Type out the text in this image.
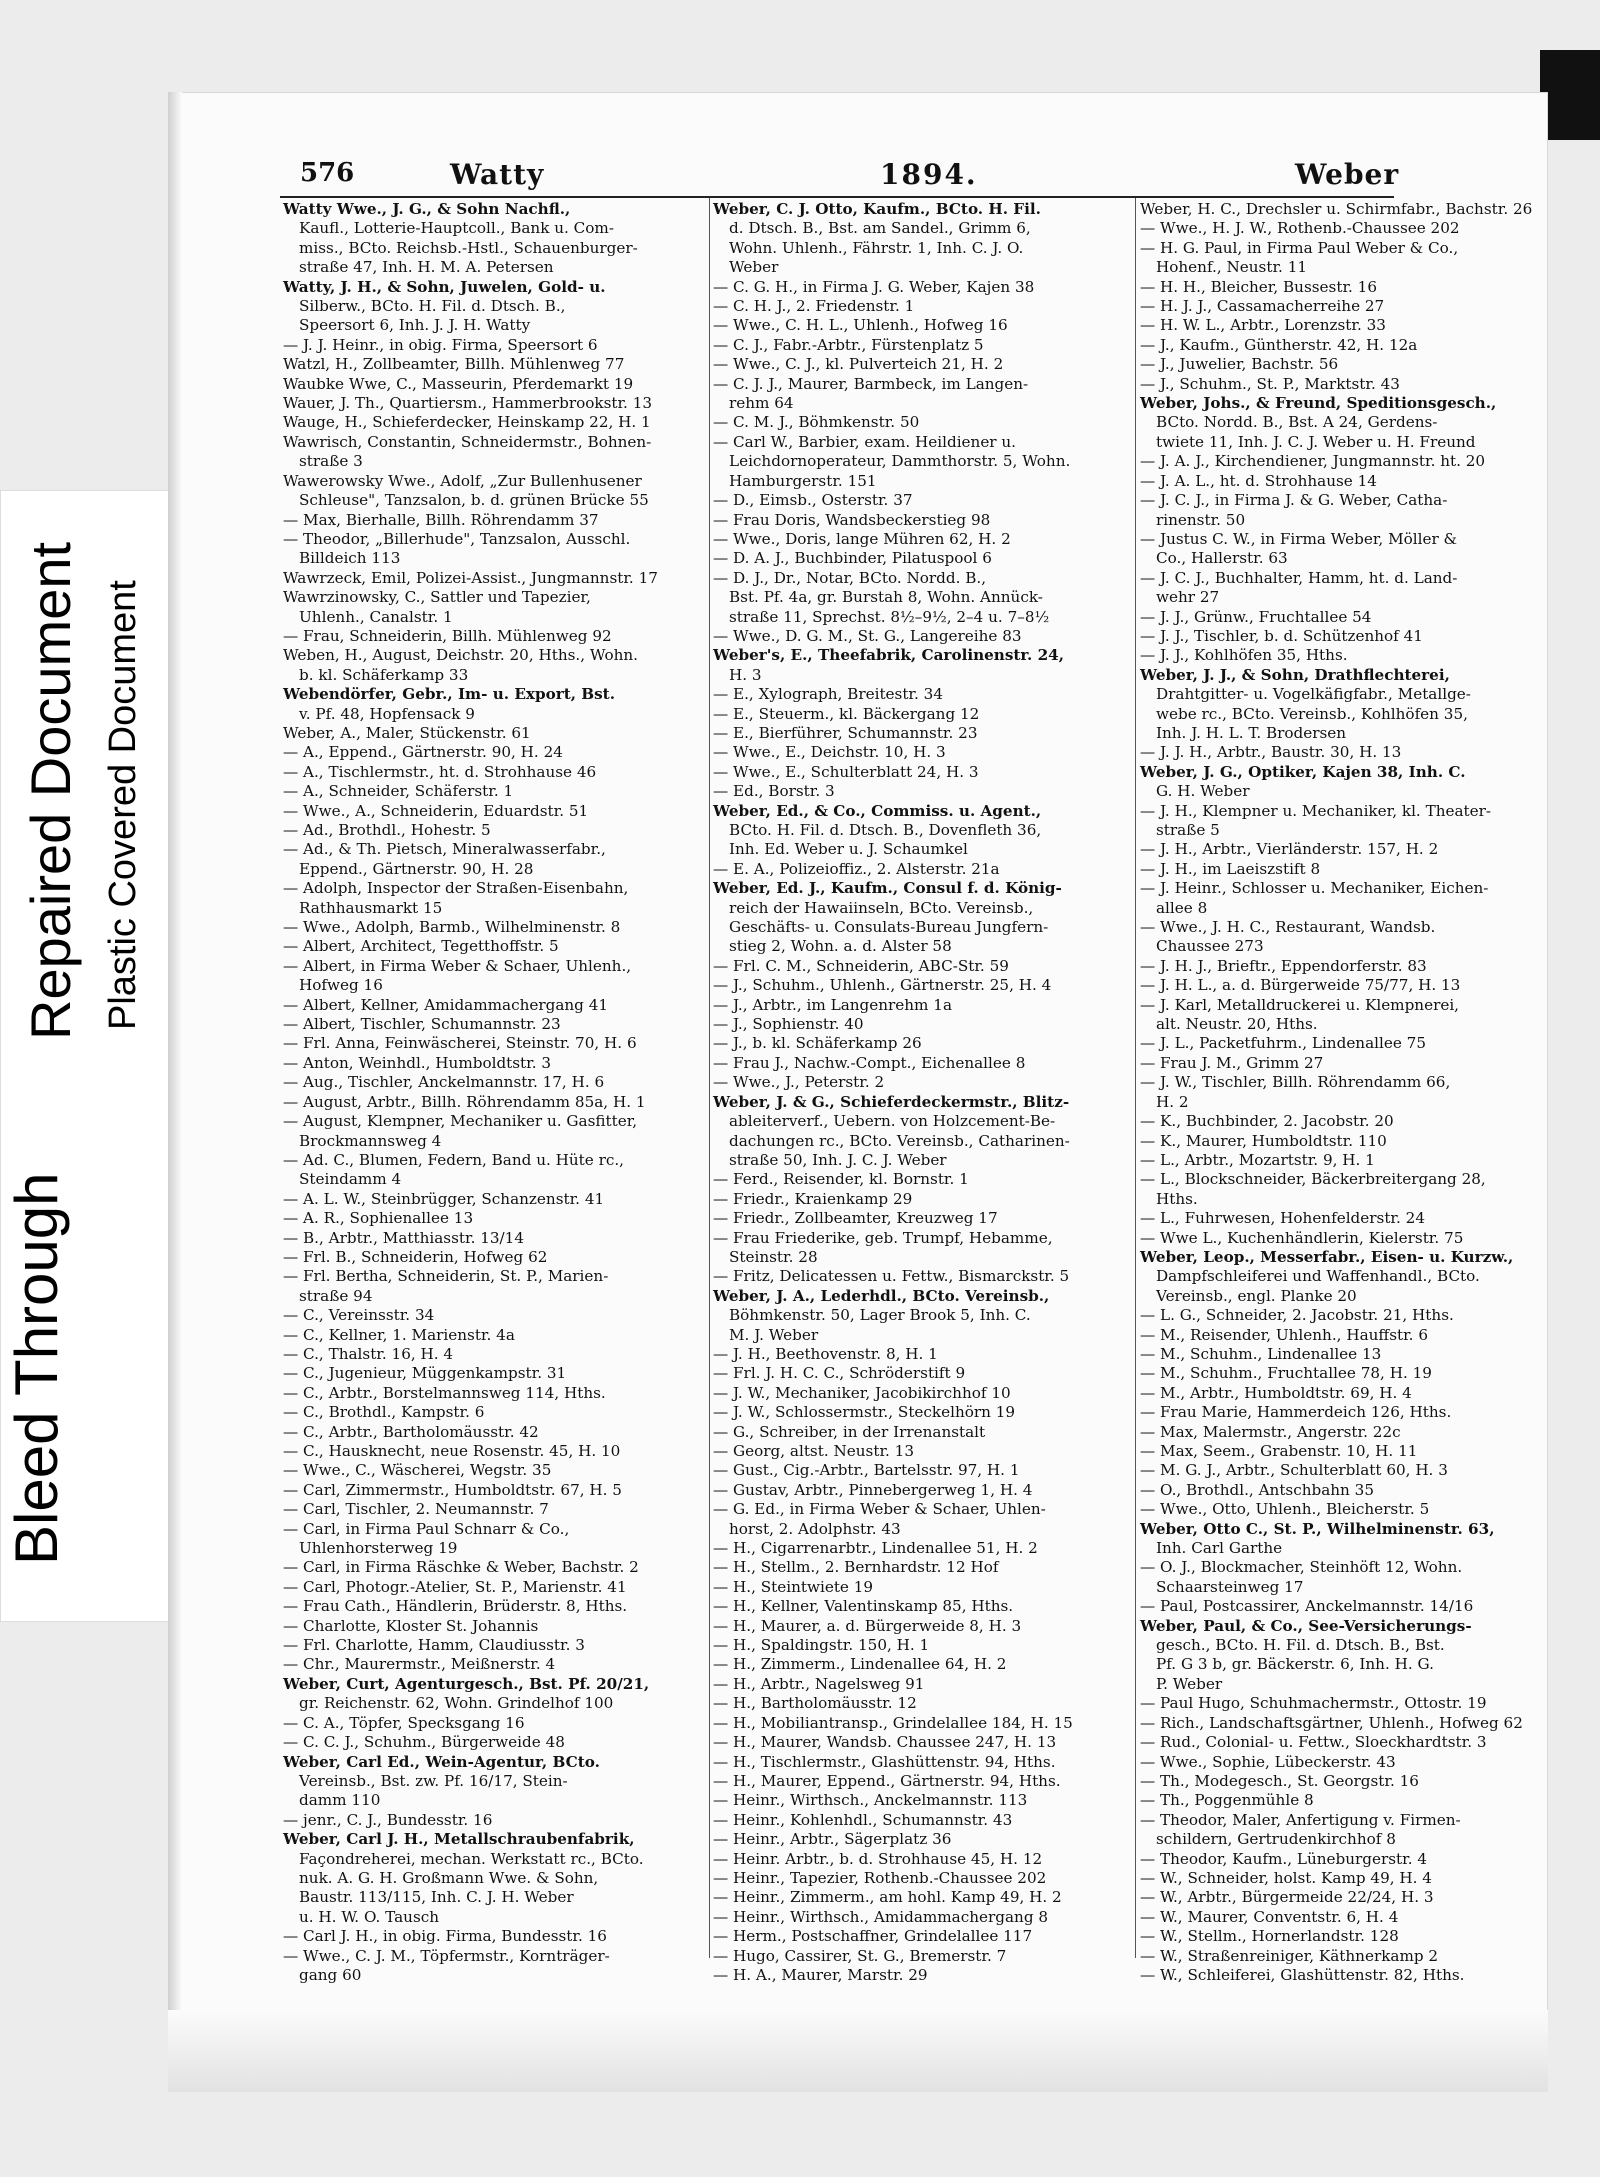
Bleed Through
Repaired Document Plastic Covered Document
576	Watty	1894.	Weber
Watty Wwe., J. G., & Sohn Nachfl.,
Kaufl., Lotterie-Hauptcoll., Bank u. Com-
miss., BCto. Reichsb.-Hstl., Schauenburger-
straße 47, Inh. H. M. A. Petersen
Watty, J. H., & Sohn, Juwelen, Gold- u.
Silberw., BCto. H. Fil. d. Dtsch. B.,
Speersort 6, Inh. J. J. H. Watty
— J. J. Heinr., in obig. Firma, Speersort 6
Watzl, H., Zollbeamter, Billh. Mühlenweg 77
Waubke Wwe, C., Masseurin, Pferdemarkt 19
Wauer, J. Th., Quartiersm., Hammerbrookstr. 13
Wauge, H., Schieferdecker, Heinskamp 22, H. 1
Wawrisch, Constantin, Schneidermstr., Bohnen-
straße 3
Wawerowsky Wwe., Adolf, „Zur Bullenhusener
Schleuse", Tanzsalon, b. d. grünen Brücke 55
— Max, Bierhalle, Billh. Röhrendamm 37
— Theodor, „Billerhude", Tanzsalon, Ausschl.
Billdeich 113
Wawrzeck, Emil, Polizei-Assist., Jungmannstr. 17
Wawrzinowsky, C., Sattler und Tapezier,
Uhlenh., Canalstr. 1
— Frau, Schneiderin, Billh. Mühlenweg 92
Weben, H., August, Deichstr. 20, Hths., Wohn.
b. kl. Schäferkamp 33
Webendörfer, Gebr., Im- u. Export, Bst.
v. Pf. 48, Hopfensack 9
Weber, A., Maler, Stückenstr. 61
— A., Eppend., Gärtnerstr. 90, H. 24
— A., Tischlermstr., ht. d. Strohhause 46
— A., Schneider, Schäferstr. 1
— Wwe., A., Schneiderin, Eduardstr. 51
— Ad., Brothdl., Hohestr. 5
— Ad., & Th. Pietsch, Mineralwasserfabr.,
Eppend., Gärtnerstr. 90, H. 28
— Adolph, Inspector der Straßen-Eisenbahn,
Rathhausmarkt 15
— Wwe., Adolph, Barmb., Wilhelminenstr. 8
— Albert, Architect, Tegetthoffstr. 5
— Albert, in Firma Weber & Schaer, Uhlenh.,
Hofweg 16
— Albert, Kellner, Amidammachergang 41
— Albert, Tischler, Schumannstr. 23
— Frl. Anna, Feinwäscherei, Steinstr. 70, H. 6
— Anton, Weinhdl., Humboldtstr. 3
— Aug., Tischler, Anckelmannstr. 17, H. 6
— August, Arbtr., Billh. Röhrendamm 85a, H. 1
— August, Klempner, Mechaniker u. Gasfitter,
Brockmannsweg 4
— Ad. C., Blumen, Federn, Band u. Hüte rc.,
Steindamm 4
— A. L. W., Steinbrügger, Schanzenstr. 41
— A. R., Sophienallee 13
— B., Arbtr., Matthiasstr. 13/14
— Frl. B., Schneiderin, Hofweg 62
— Frl. Bertha, Schneiderin, St. P., Marien-
straße 94
— C., Vereinsstr. 34
— C., Kellner, 1. Marienstr. 4a
— C., Thalstr. 16, H. 4
— C., Jugenieur, Müggenkampstr. 31
— C., Arbtr., Borstelmannsweg 114, Hths.
— C., Brothdl., Kampstr. 6
— C., Arbtr., Bartholomäusstr. 42
— C., Hausknecht, neue Rosenstr. 45, H. 10
— Wwe., C., Wäscherei, Wegstr. 35
— Carl, Zimmermstr., Humboldtstr. 67, H. 5
— Carl, Tischler, 2. Neumannstr. 7
— Carl, in Firma Paul Schnarr & Co.,
Uhlenhorsterweg 19
— Carl, in Firma Räschke & Weber, Bachstr. 2
— Carl, Photogr.-Atelier, St. P., Marienstr. 41
— Frau Cath., Händlerin, Brüderstr. 8, Hths.
— Charlotte, Kloster St. Johannis
— Frl. Charlotte, Hamm, Claudiusstr. 3
— Chr., Maurermstr., Meißnerstr. 4
Weber, Curt, Agenturgesch., Bst. Pf. 20/21,
gr. Reichenstr. 62, Wohn. Grindelhof 100
— C. A., Töpfer, Specksgang 16
— C. C. J., Schuhm., Bürgerweide 48
Weber, Carl Ed., Wein-Agentur, BCto.
Vereinsb., Bst. zw. Pf. 16/17, Stein-
damm 110
— jenr., C. J., Bundesstr. 16
Weber, Carl J. H., Metallschraubenfabrik,
Façondreherei, mechan. Werkstatt rc., BCto.
nuk. A. G. H. Großmann Wwe. & Sohn,
Baustr. 113/115, Inh. C. J. H. Weber
u. H. W. O. Tausch
— Carl J. H., in obig. Firma, Bundesstr. 16
— Wwe., C. J. M., Töpfermstr., Kornträger-
gang 60
Weber, C. J. Otto, Kaufm., BCto. H. Fil.
d. Dtsch. B., Bst. am Sandel., Grimm 6,
Wohn. Uhlenh., Fährstr. 1, Inh. C. J. O.
Weber
— C. G. H., in Firma J. G. Weber, Kajen 38
— C. H. J., 2. Friedenstr. 1
— Wwe., C. H. L., Uhlenh., Hofweg 16
— C. J., Fabr.-Arbtr., Fürstenplatz 5
— Wwe., C. J., kl. Pulverteich 21, H. 2
— C. J. J., Maurer, Barmbeck, im Langen-
rehm 64
— C. M. J., Böhmkenstr. 50
— Carl W., Barbier, exam. Heildiener u.
Leichdornoperateur, Dammthorstr. 5, Wohn.
Hamburgerstr. 151
— D., Eimsb., Osterstr. 37
— Frau Doris, Wandsbeckerstieg 98
— Wwe., Doris, lange Mühren 62, H. 2
— D. A. J., Buchbinder, Pilatuspool 6
— D. J., Dr., Notar, BCto. Nordd. B.,
Bst. Pf. 4a, gr. Burstah 8, Wohn. Annück-
straße 11, Sprechst. 8½–9½, 2–4 u. 7–8½
— Wwe., D. G. M., St. G., Langereihe 83
Weber's, E., Theefabrik, Carolinenstr. 24,
H. 3
— E., Xylograph, Breitestr. 34
— E., Steuerm., kl. Bäckergang 12
— E., Bierführer, Schumannstr. 23
— Wwe., E., Deichstr. 10, H. 3
— Wwe., E., Schulterblatt 24, H. 3
— Ed., Borstr. 3
Weber, Ed., & Co., Commiss. u. Agent.,
BCto. H. Fil. d. Dtsch. B., Dovenfleth 36,
Inh. Ed. Weber u. J. Schaumkel
— E. A., Polizeioffiz., 2. Alsterstr. 21a
Weber, Ed. J., Kaufm., Consul f. d. König-
reich der Hawaiinseln, BCto. Vereinsb.,
Geschäfts- u. Consulats-Bureau Jungfern-
stieg 2, Wohn. a. d. Alster 58
— Frl. C. M., Schneiderin, ABC-Str. 59
— J., Schuhm., Uhlenh., Gärtnerstr. 25, H. 4
— J., Arbtr., im Langenrehm 1a
— J., Sophienstr. 40
— J., b. kl. Schäferkamp 26
— Frau J., Nachw.-Compt., Eichenallee 8
— Wwe., J., Peterstr. 2
Weber, J. & G., Schieferdeckermstr., Blitz-
ableiterverf., Uebern. von Holzcement-Be-
dachungen rc., BCto. Vereinsb., Catharinen-
straße 50, Inh. J. C. J. Weber
— Ferd., Reisender, kl. Bornstr. 1
— Friedr., Kraienkamp 29
— Friedr., Zollbeamter, Kreuzweg 17
— Frau Friederike, geb. Trumpf, Hebamme,
Steinstr. 28
— Fritz, Delicatessen u. Fettw., Bismarckstr. 5
Weber, J. A., Lederhdl., BCto. Vereinsb.,
Böhmkenstr. 50, Lager Brook 5, Inh. C.
M. J. Weber
— J. H., Beethovenstr. 8, H. 1
— Frl. J. H. C. C., Schröderstift 9
— J. W., Mechaniker, Jacobikirchhof 10
— J. W., Schlossermstr., Steckelhörn 19
— G., Schreiber, in der Irrenanstalt
— Georg, altst. Neustr. 13
— Gust., Cig.-Arbtr., Bartelsstr. 97, H. 1
— Gustav, Arbtr., Pinnebergerweg 1, H. 4
— G. Ed., in Firma Weber & Schaer, Uhlen-
horst, 2. Adolphstr. 43
— H., Cigarrenarbtr., Lindenallee 51, H. 2
— H., Stellm., 2. Bernhardstr. 12 Hof
— H., Steintwiete 19
— H., Kellner, Valentinskamp 85, Hths.
— H., Maurer, a. d. Bürgerweide 8, H. 3
— H., Spaldingstr. 150, H. 1
— H., Zimmerm., Lindenallee 64, H. 2
— H., Arbtr., Nagelsweg 91
— H., Bartholomäusstr. 12
— H., Mobiliantransp., Grindelallee 184, H. 15
— H., Maurer, Wandsb. Chaussee 247, H. 13
— H., Tischlermstr., Glashüttenstr. 94, Hths.
— H., Maurer, Eppend., Gärtnerstr. 94, Hths.
— Heinr., Wirthsch., Anckelmannstr. 113
— Heinr., Kohlenhdl., Schumannstr. 43
— Heinr., Arbtr., Sägerplatz 36
— Heinr. Arbtr., b. d. Strohhause 45, H. 12
— Heinr., Tapezier, Rothenb.-Chaussee 202
— Heinr., Zimmerm., am hohl. Kamp 49, H. 2
— Heinr., Wirthsch., Amidammachergang 8
— Herm., Postschaffner, Grindelallee 117
— Hugo, Cassirer, St. G., Bremerstr. 7
— H. A., Maurer, Marstr. 29
Weber, H. C., Drechsler u. Schirmfabr., Bachstr. 26
— Wwe., H. J. W., Rothenb.-Chaussee 202
— H. G. Paul, in Firma Paul Weber & Co.,
Hohenf., Neustr. 11
— H. H., Bleicher, Bussestr. 16
— H. J. J., Cassamacherreihe 27
— H. W. L., Arbtr., Lorenzstr. 33
— J., Kaufm., Güntherstr. 42, H. 12a
— J., Juwelier, Bachstr. 56
— J., Schuhm., St. P., Marktstr. 43
Weber, Johs., & Freund, Speditionsgesch.,
BCto. Nordd. B., Bst. A 24, Gerdens-
twiete 11, Inh. J. C. J. Weber u. H. Freund
— J. A. J., Kirchendiener, Jungmannstr. ht. 20
— J. A. L., ht. d. Strohhause 14
— J. C. J., in Firma J. & G. Weber, Catha-
rinenstr. 50
— Justus C. W., in Firma Weber, Möller &
Co., Hallerstr. 63
— J. C. J., Buchhalter, Hamm, ht. d. Land-
wehr 27
— J. J., Grünw., Fruchtallee 54
— J. J., Tischler, b. d. Schützenhof 41
— J. J., Kohlhöfen 35, Hths.
Weber, J. J., & Sohn, Drathflechterei,
Drahtgitter- u. Vogelkäfigfabr., Metallge-
webe rc., BCto. Vereinsb., Kohlhöfen 35,
Inh. J. H. L. T. Brodersen
— J. J. H., Arbtr., Baustr. 30, H. 13
Weber, J. G., Optiker, Kajen 38, Inh. C.
G. H. Weber
— J. H., Klempner u. Mechaniker, kl. Theater-
straße 5
— J. H., Arbtr., Vierländerstr. 157, H. 2
— J. H., im Laeiszstift 8
— J. Heinr., Schlosser u. Mechaniker, Eichen-
allee 8
— Wwe., J. H. C., Restaurant, Wandsb.
Chaussee 273
— J. H. J., Brieftr., Eppendorferstr. 83
— J. H. L., a. d. Bürgerweide 75/77, H. 13
— J. Karl, Metalldruckerei u. Klempnerei,
alt. Neustr. 20, Hths.
— J. L., Packetfuhrm., Lindenallee 75
— Frau J. M., Grimm 27
— J. W., Tischler, Billh. Röhrendamm 66,
H. 2
— K., Buchbinder, 2. Jacobstr. 20
— K., Maurer, Humboldtstr. 110
— L., Arbtr., Mozartstr. 9, H. 1
— L., Blockschneider, Bäckerbreitergang 28,
Hths.
— L., Fuhrwesen, Hohenfelderstr. 24
— Wwe L., Kuchenhändlerin, Kielerstr. 75
Weber, Leop., Messerfabr., Eisen- u. Kurzw.,
Dampfschleiferei und Waffenhandl., BCto.
Vereinsb., engl. Planke 20
— L. G., Schneider, 2. Jacobstr. 21, Hths.
— M., Reisender, Uhlenh., Hauffstr. 6
— M., Schuhm., Lindenallee 13
— M., Schuhm., Fruchtallee 78, H. 19
— M., Arbtr., Humboldtstr. 69, H. 4
— Frau Marie, Hammerdeich 126, Hths.
— Max, Malermstr., Angerstr. 22c
— Max, Seem., Grabenstr. 10, H. 11
— M. G. J., Arbtr., Schulterblatt 60, H. 3
— O., Brothdl., Antschbahn 35
— Wwe., Otto, Uhlenh., Bleicherstr. 5
Weber, Otto C., St. P., Wilhelminenstr. 63,
Inh. Carl Garthe
— O. J., Blockmacher, Steinhöft 12, Wohn.
Schaarsteinweg 17
— Paul, Postcassirer, Anckelmannstr. 14/16
Weber, Paul, & Co., See-Versicherungs-
gesch., BCto. H. Fil. d. Dtsch. B., Bst.
Pf. G 3 b, gr. Bäckerstr. 6, Inh. H. G.
P. Weber
— Paul Hugo, Schuhmachermstr., Ottostr. 19
— Rich., Landschaftsgärtner, Uhlenh., Hofweg 62
— Rud., Colonial- u. Fettw., Sloeckhardtstr. 3
— Wwe., Sophie, Lübeckerstr. 43
— Th., Modegesch., St. Georgstr. 16
— Th., Poggenmühle 8
— Theodor, Maler, Anfertigung v. Firmen-
schildern, Gertrudenkirchhof 8
— Theodor, Kaufm., Lüneburgerstr. 4
— W., Schneider, holst. Kamp 49, H. 4
— W., Arbtr., Bürgermeide 22/24, H. 3
— W., Maurer, Conventstr. 6, H. 4
— W., Stellm., Hornerlandstr. 128
— W., Straßenreiniger, Käthnerkamp 2
— W., Schleiferei, Glashüttenstr. 82, Hths.
